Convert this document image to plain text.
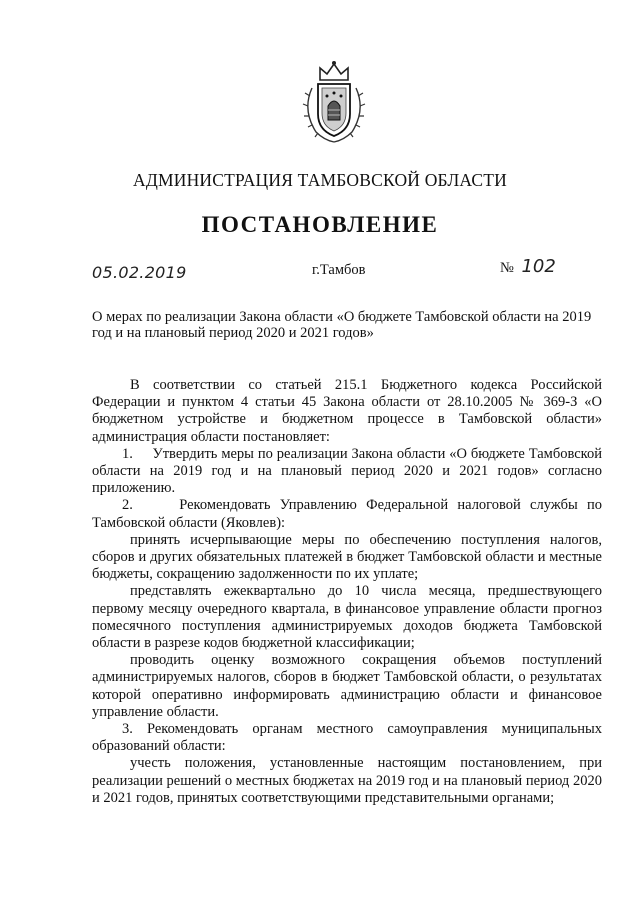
АДМИНИСТРАЦИЯ ТАМБОВСКОЙ ОБЛАСТИ
ПОСТАНОВЛЕНИЕ
05.02.2019	г.Тамбов	№ 102
О мерах по реализации Закона области «О бюджете Тамбовской области на 2019 год и на плановый период 2020 и 2021 годов»

В соответствии со статьей 215.1 Бюджетного кодекса Российской Федерации и пунктом 4 статьи 45 Закона области от 28.10.2005 № 369-З «О бюджетном устройстве и бюджетном процессе в Тамбовской области» администрация области постановляет:

1.     Утвердить меры по реализации Закона области «О бюджете Тамбовской области на 2019 год и на плановый период 2020 и 2021 годов» согласно приложению.

2.     Рекомендовать Управлению Федеральной налоговой службы по Тамбовской области (Яковлев):

принять исчерпывающие меры по обеспечению поступления налогов, сборов и других обязательных платежей в бюджет Тамбовской области и местные бюджеты, сокращению задолженности по их уплате;

представлять ежеквартально до 10 числа месяца, предшествующего первому месяцу очередного квартала, в финансовое управление области прогноз помесячного поступления администрируемых доходов бюджета Тамбовской области в разрезе кодов бюджетной классификации;

проводить оценку возможного сокращения объемов поступлений администрируемых налогов, сборов в бюджет Тамбовской области, о результатах которой оперативно информировать администрацию области и финансовое управление области.

3. Рекомендовать органам местного самоуправления муниципальных образований области:

учесть положения, установленные настоящим постановлением, при реализации решений о местных бюджетах на 2019 год и на плановый период 2020 и 2021 годов, принятых соответствующими представительными органами;
